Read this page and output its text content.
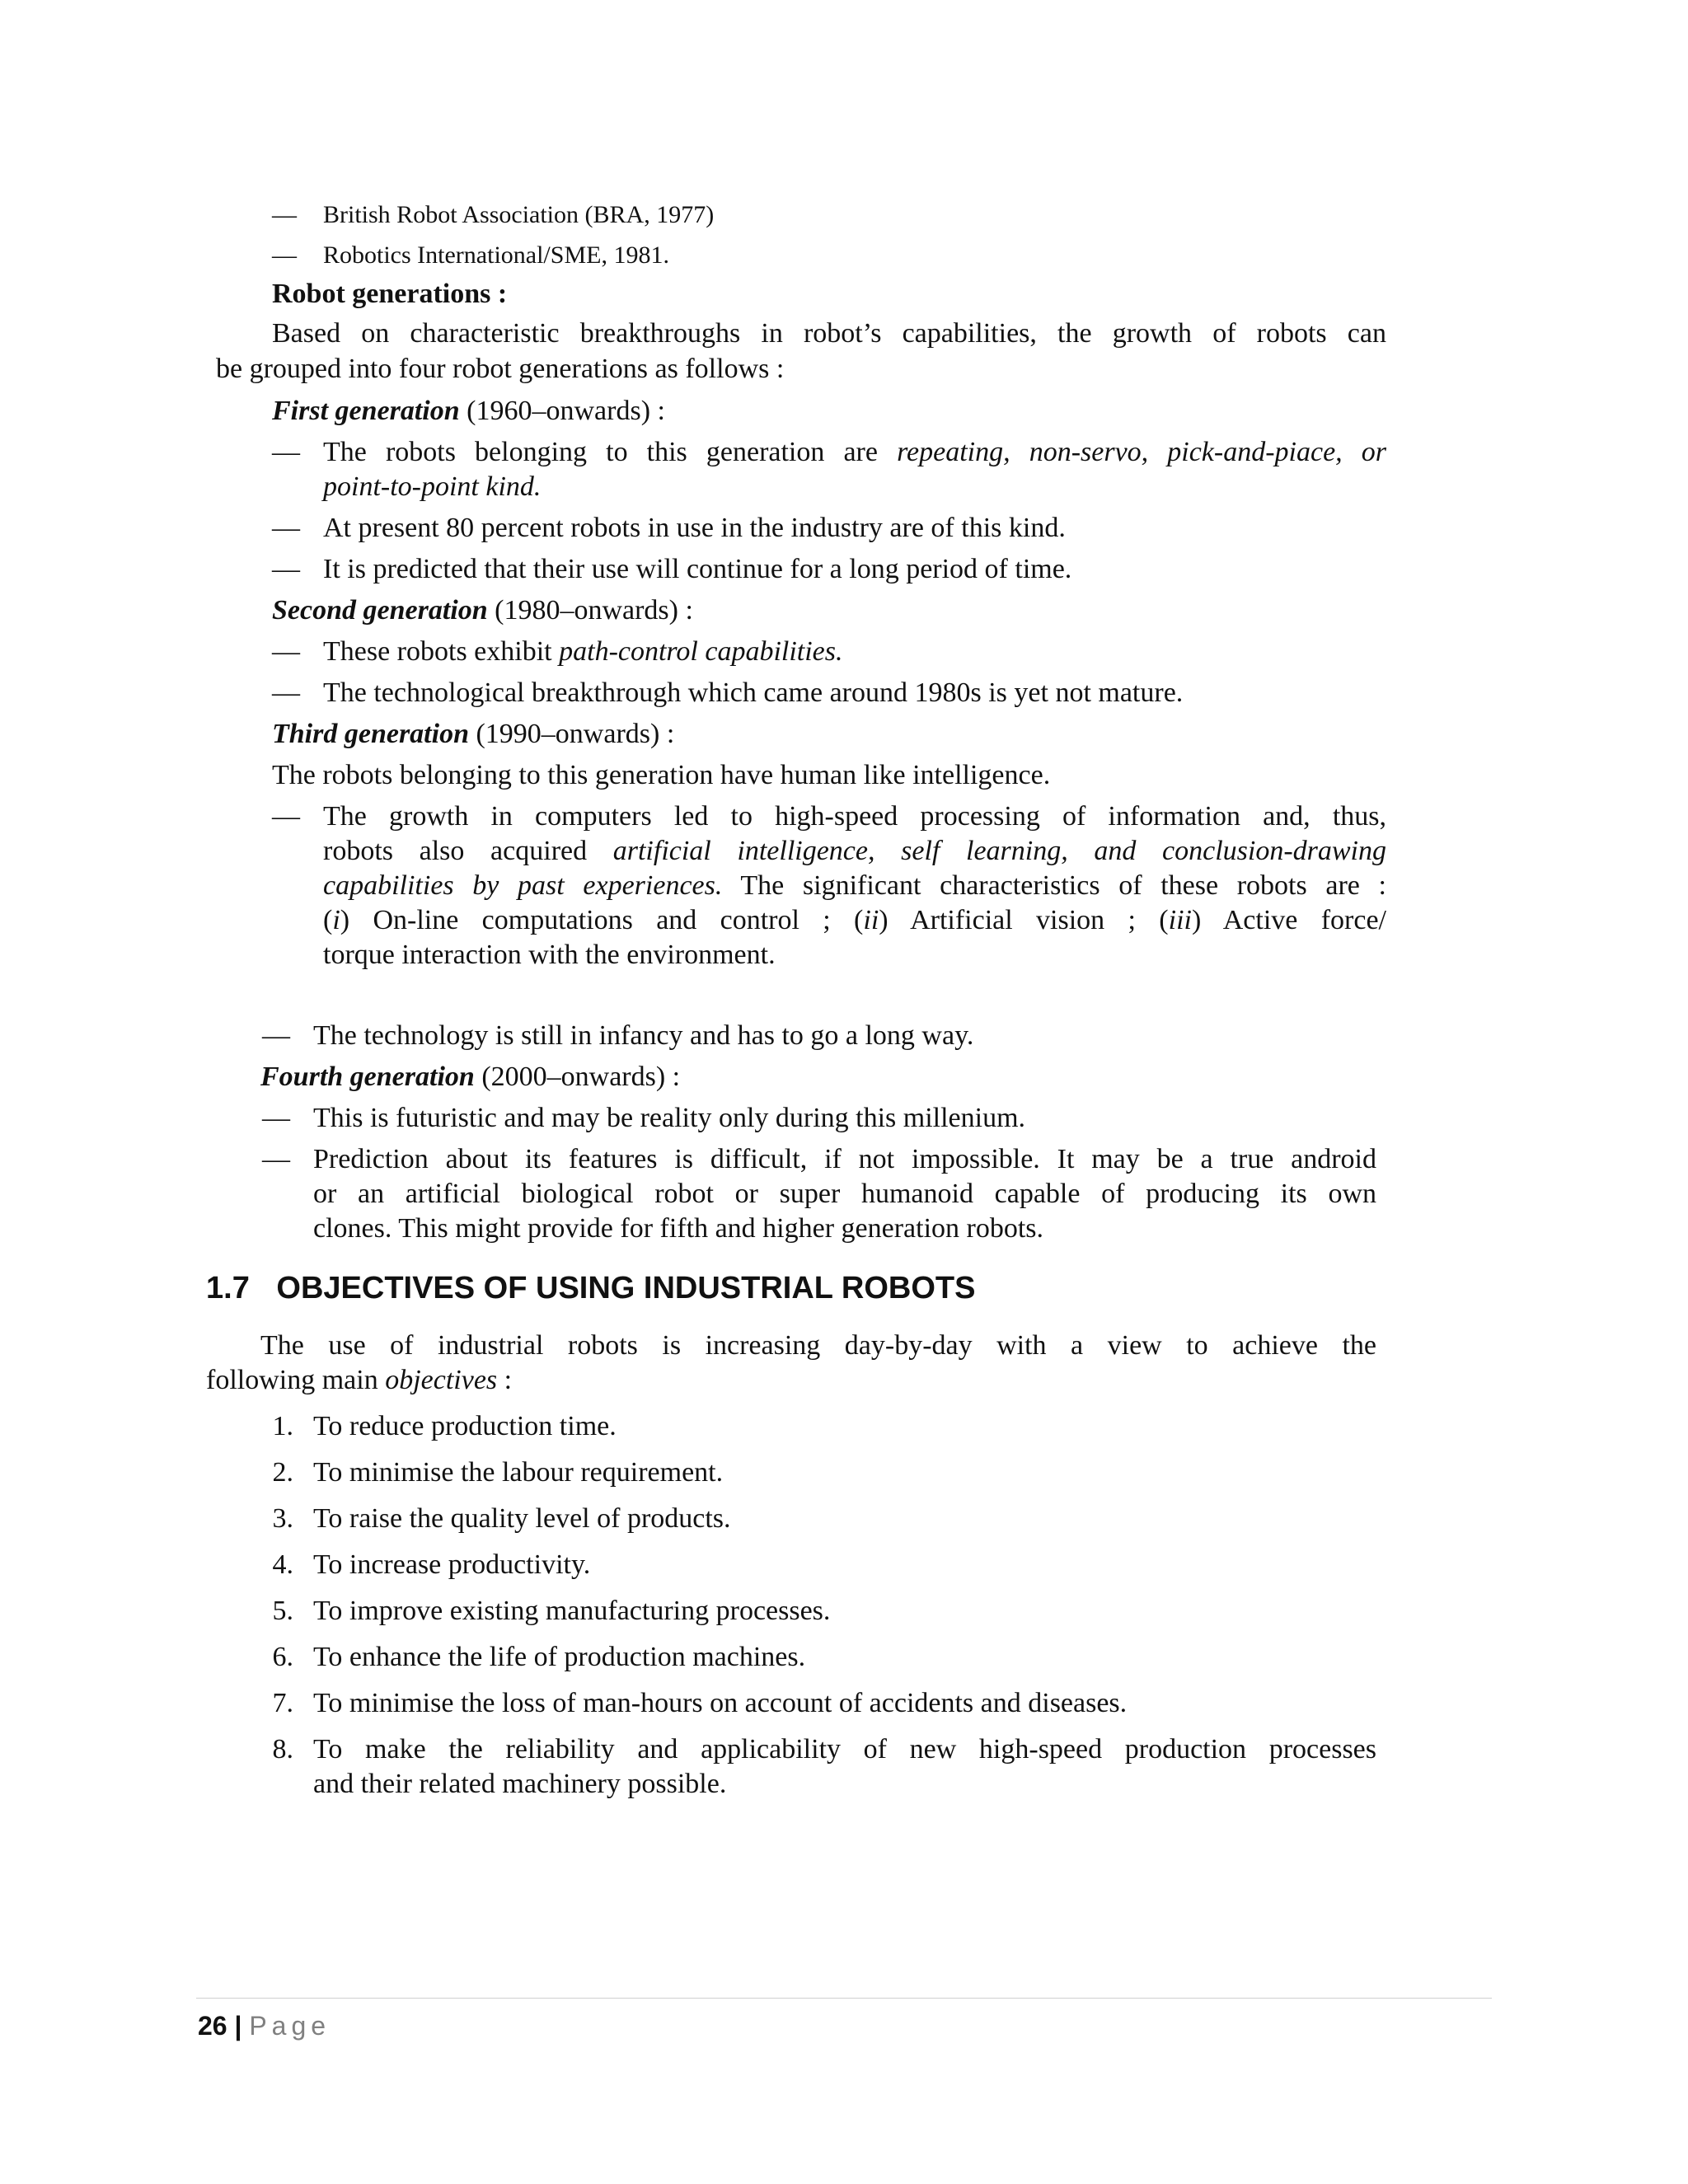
— British Robot Association (BRA, 1977)
— Robotics International/SME, 1981.
Robot generations :
Based on characteristic breakthroughs in robot’s capabilities, the growth of robots can
be grouped into four robot generations as follows :
First generation (1960–onwards) :
— The robots belonging to this generation are repeating, non-servo, pick-and-piace, or
point-to-point kind.
— At present 80 percent robots in use in the industry are of this kind.
— It is predicted that their use will continue for a long period of time.
Second generation (1980–onwards) :
— These robots exhibit path-control capabilities.
— The technological breakthrough which came around 1980s is yet not mature.
Third generation (1990–onwards) :
The robots belonging to this generation have human like intelligence.
— The growth in computers led to high-speed processing of information and, thus,
robots also acquired artificial intelligence, self learning, and conclusion-drawing
capabilities by past experiences. The significant characteristics of these robots are :
(i) On-line computations and control ; (ii) Artificial vision ; (iii) Active force/
torque interaction with the environment.
— The technology is still in infancy and has to go a long way.
Fourth generation (2000–onwards) :
— This is futuristic and may be reality only during this millenium.
— Prediction about its features is difficult, if not impossible. It may be a true android
or an artificial biological robot or super humanoid capable of producing its own
clones. This might provide for fifth and higher generation robots.
1.7 OBJECTIVES OF USING INDUSTRIAL ROBOTS
The use of industrial robots is increasing day-by-day with a view to achieve the
following main objectives :
1. To reduce production time.
2. To minimise the labour requirement.
3. To raise the quality level of products.
4. To increase productivity.
5. To improve existing manufacturing processes.
6. To enhance the life of production machines.
7. To minimise the loss of man-hours on account of accidents and diseases.
8. To make the reliability and applicability of new high-speed production processes
and their related machinery possible.
26 | Page
